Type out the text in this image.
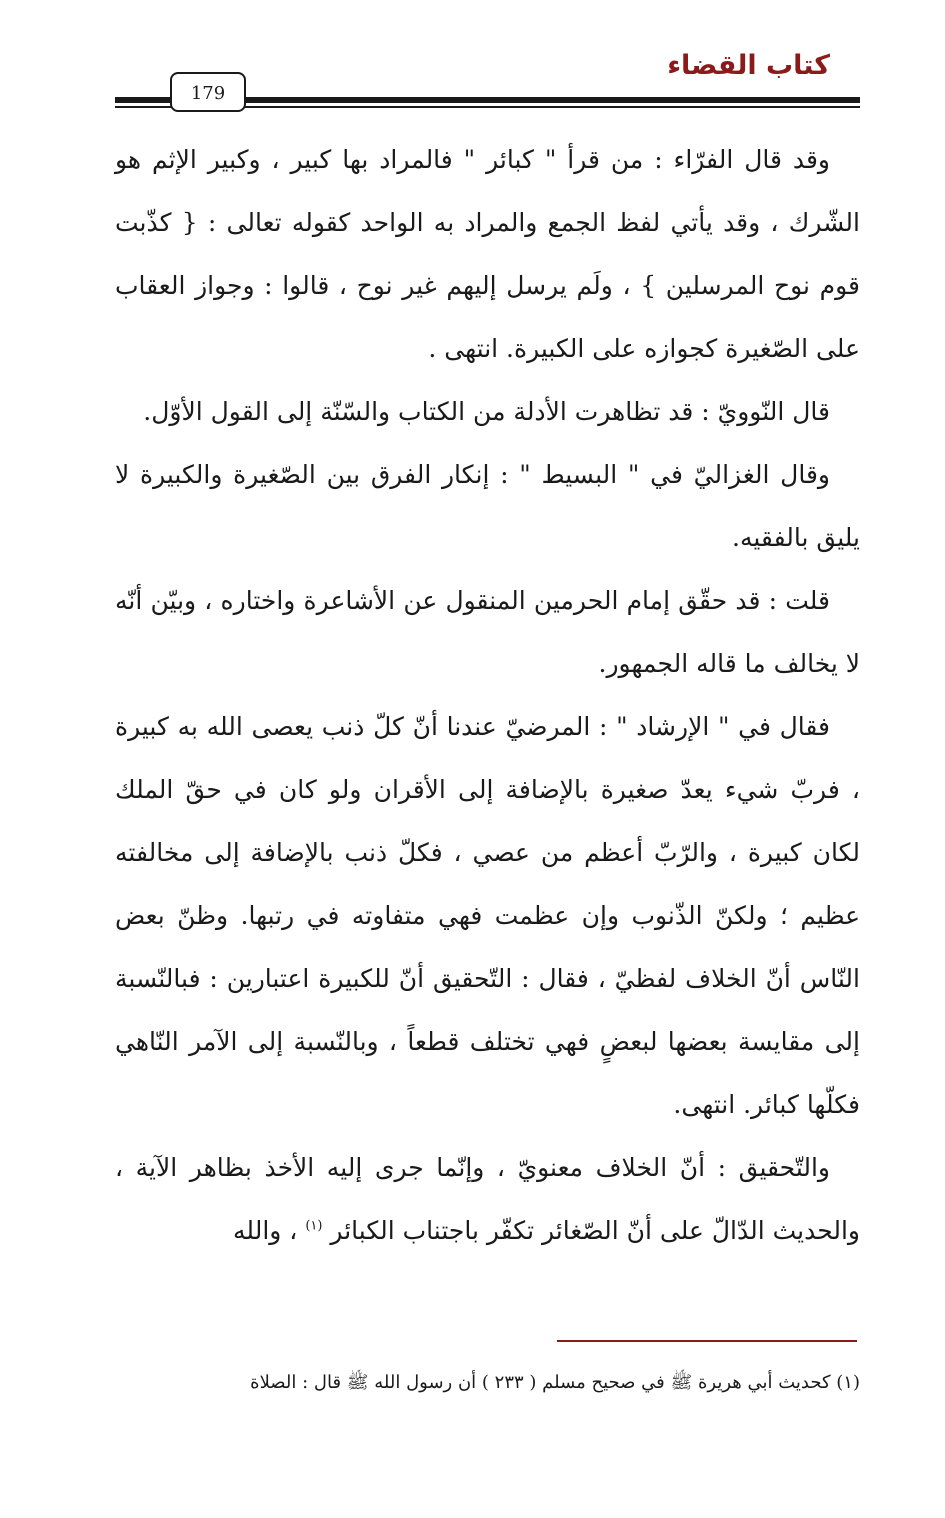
كتاب القضاء
179

وقد قال الفرّاء : من قرأ " كبائر " فالمراد بها كبير ، وكبير الإثم هو الشّرك ، وقد يأتي لفظ الجمع والمراد به الواحد كقوله تعالى : { كذّبت قوم نوح المرسلين } ، ولَم يرسل إليهم غير نوح ، قالوا : وجواز العقاب على الصّغيرة كجوازه على الكبيرة. انتهى .

قال النّوويّ : قد تظاهرت الأدلة من الكتاب والسّنّة إلى القول الأوّل.

وقال الغزاليّ في " البسيط " : إنكار الفرق بين الصّغيرة والكبيرة لا يليق بالفقيه.

قلت : قد حقّق إمام الحرمين المنقول عن الأشاعرة واختاره ، وبيّن أنّه لا يخالف ما قاله الجمهور.

فقال في " الإرشاد " : المرضيّ عندنا أنّ كلّ ذنب يعصى الله به كبيرة ، فربّ شيء يعدّ صغيرة بالإضافة إلى الأقران ولو كان في حقّ الملك لكان كبيرة ، والرّبّ أعظم من عصي ، فكلّ ذنب بالإضافة إلى مخالفته عظيم ؛ ولكنّ الذّنوب وإن عظمت فهي متفاوته في رتبها. وظنّ بعض النّاس أنّ الخلاف لفظيّ ، فقال : التّحقيق أنّ للكبيرة اعتبارين : فبالنّسبة إلى مقايسة بعضها لبعضٍ فهي تختلف قطعاً ، وبالنّسبة إلى الآمر النّاهي فكلّها كبائر. انتهى.

والتّحقيق : أنّ الخلاف معنويّ ، وإنّما جرى إليه الأخذ بظاهر الآية ، والحديث الدّالّ على أنّ الصّغائر تكفّر باجتناب الكبائر $^{(١)}$ ، والله

(١) كحديث أبي هريرة ﷺ في صحيح مسلم ( ٢٣٣ ) أن رسول الله ﷺ قال : الصلاة
